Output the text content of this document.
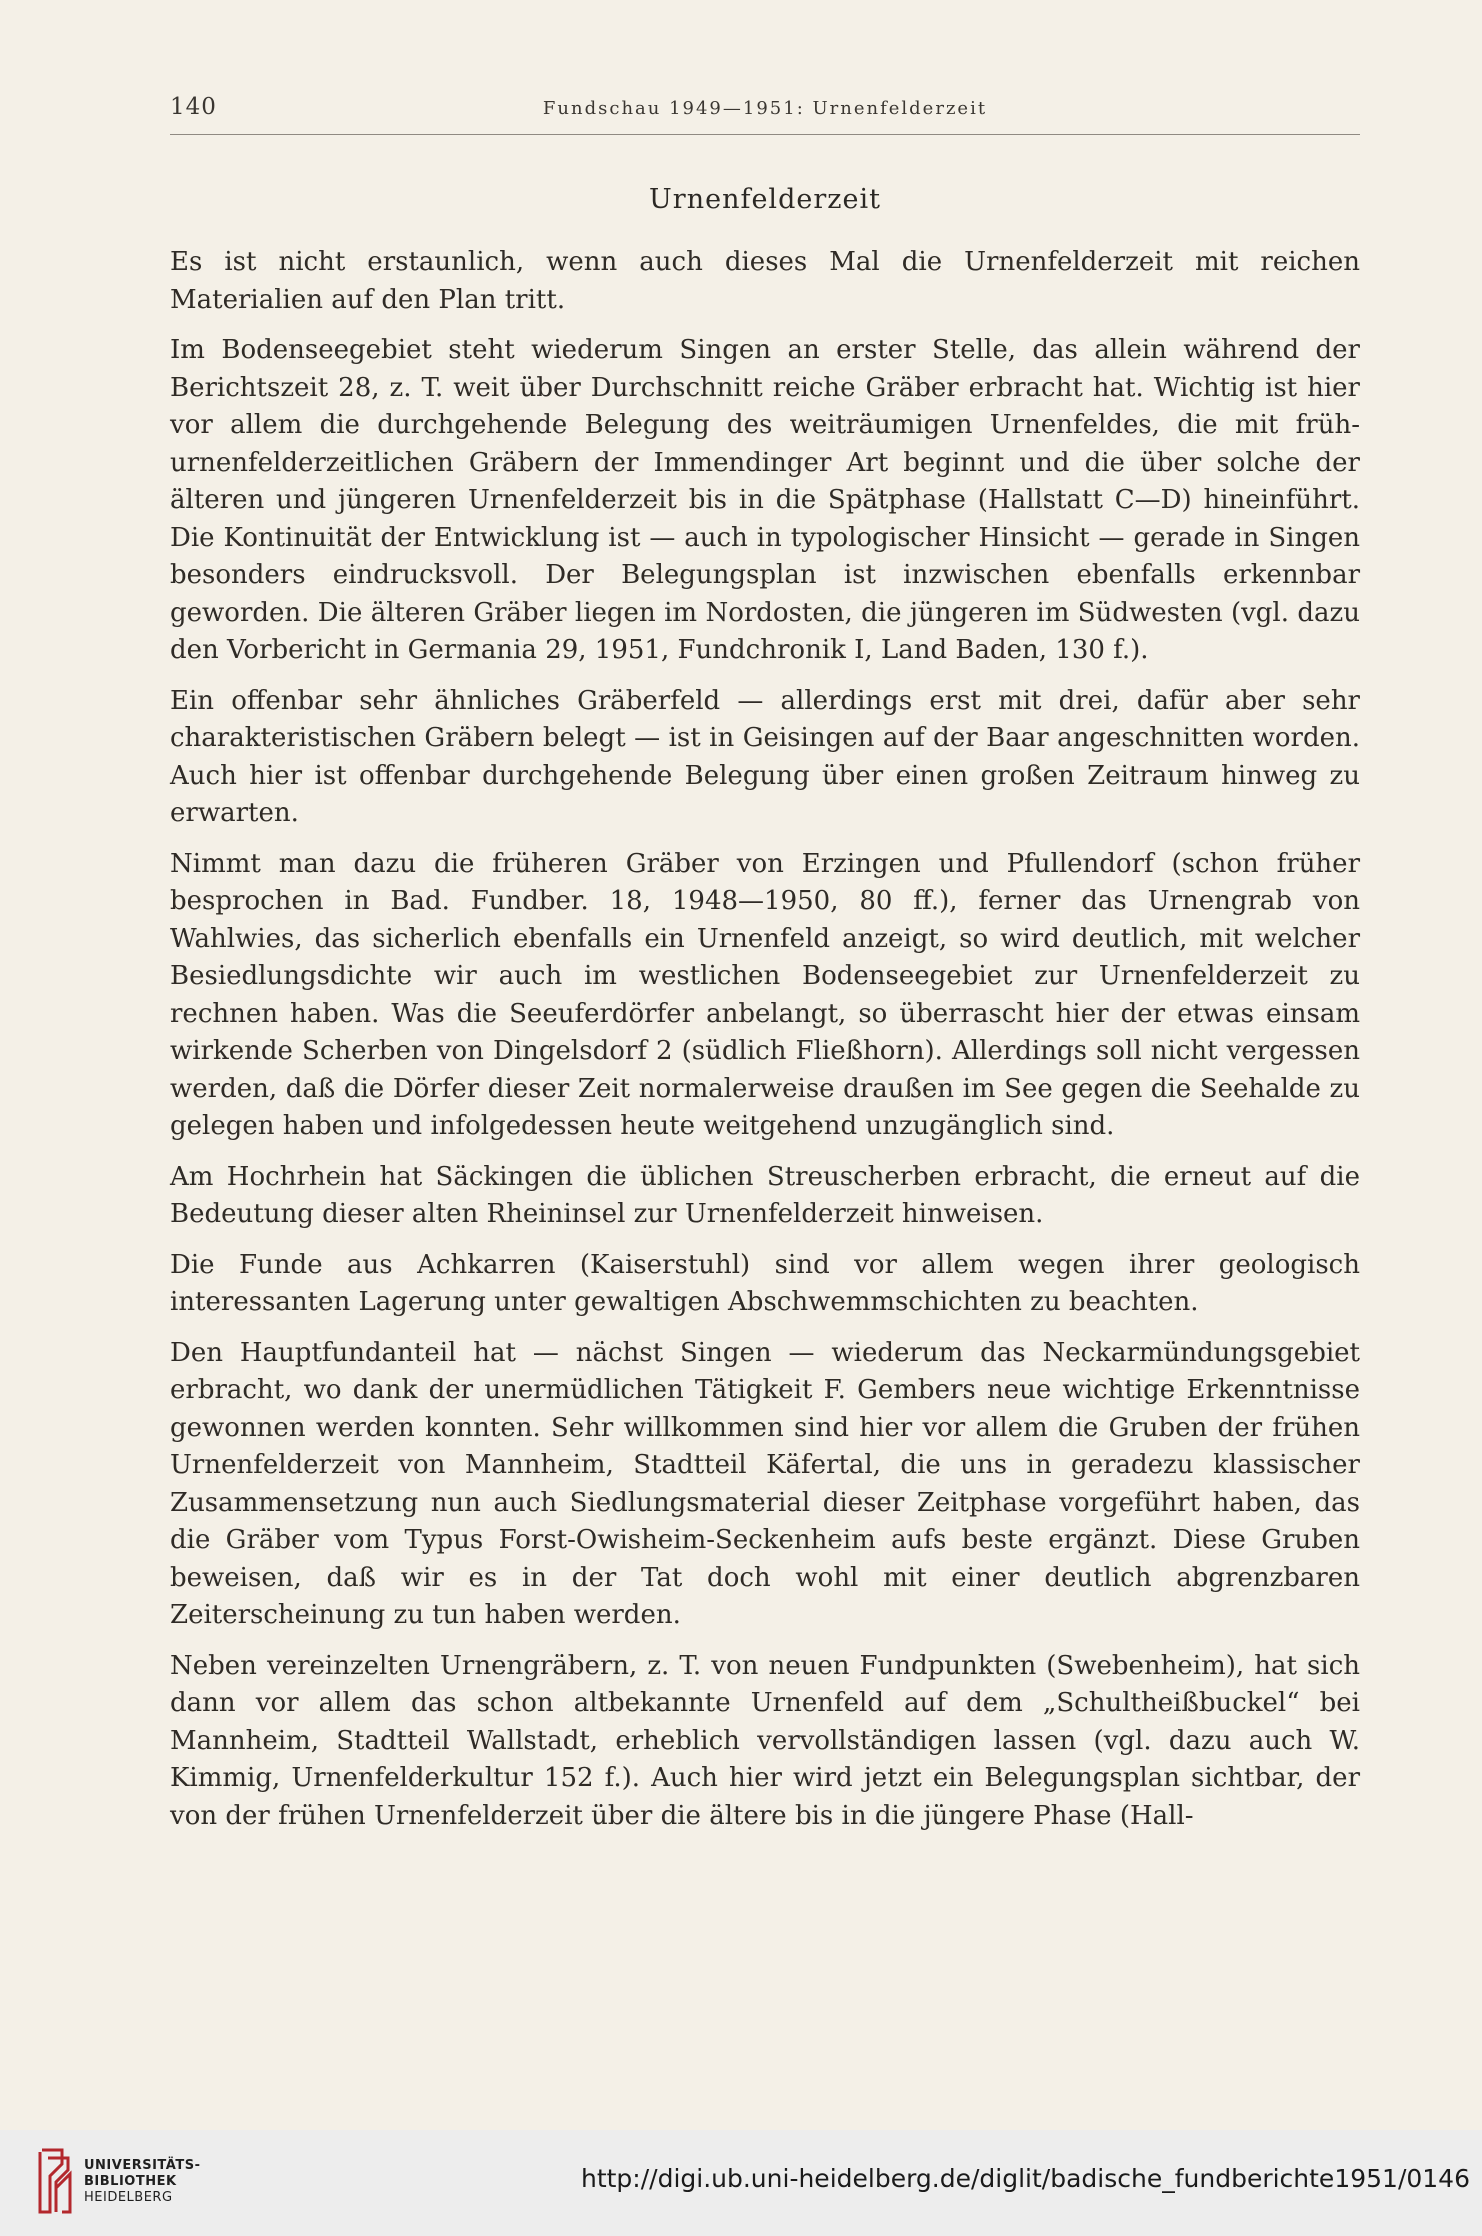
140	Fundschau 1949—1951: Urnenfelderzeit
Urnenfelderzeit

Es ist nicht erstaunlich, wenn auch dieses Mal die Urnenfelderzeit mit reichen Materialien auf den Plan tritt.

Im Bodenseegebiet steht wiederum Singen an erster Stelle, das allein während der Berichtszeit 28, z. T. weit über Durchschnitt reiche Gräber erbracht hat. Wichtig ist hier vor allem die durchgehende Belegung des weiträumigen Urnenfeldes, die mit früh-urnenfelderzeitlichen Gräbern der Immendinger Art beginnt und die über solche der älteren und jüngeren Urnenfelderzeit bis in die Spätphase (Hallstatt C—D) hineinführt. Die Kontinuität der Entwicklung ist — auch in typologischer Hinsicht — gerade in Singen besonders eindrucksvoll. Der Belegungsplan ist inzwischen ebenfalls erkennbar geworden. Die älteren Gräber liegen im Nordosten, die jüngeren im Südwesten (vgl. dazu den Vorbericht in Germania 29, 1951, Fundchronik I, Land Baden, 130 f.).

Ein offenbar sehr ähnliches Gräberfeld — allerdings erst mit drei, dafür aber sehr charakteristischen Gräbern belegt — ist in Geisingen auf der Baar angeschnitten worden. Auch hier ist offenbar durchgehende Belegung über einen großen Zeitraum hinweg zu erwarten.

Nimmt man dazu die früheren Gräber von Erzingen und Pfullendorf (schon früher besprochen in Bad. Fundber. 18, 1948—1950, 80 ff.), ferner das Urnengrab von Wahlwies, das sicherlich ebenfalls ein Urnenfeld anzeigt, so wird deutlich, mit welcher Besiedlungsdichte wir auch im westlichen Bodenseegebiet zur Urnenfelderzeit zu rechnen haben. Was die Seeuferdörfer anbelangt, so überrascht hier der etwas einsam wirkende Scherben von Dingelsdorf 2 (südlich Fließhorn). Allerdings soll nicht vergessen werden, daß die Dörfer dieser Zeit normalerweise draußen im See gegen die Seehalde zu gelegen haben und infolgedessen heute weitgehend unzugänglich sind.

Am Hochrhein hat Säckingen die üblichen Streuscherben erbracht, die erneut auf die Bedeutung dieser alten Rheininsel zur Urnenfelderzeit hinweisen.

Die Funde aus Achkarren (Kaiserstuhl) sind vor allem wegen ihrer geologisch interessanten Lagerung unter gewaltigen Abschwemmschichten zu beachten.

Den Hauptfundanteil hat — nächst Singen — wiederum das Neckarmündungsgebiet erbracht, wo dank der unermüdlichen Tätigkeit F. Gembers neue wichtige Erkenntnisse gewonnen werden konnten. Sehr willkommen sind hier vor allem die Gruben der frühen Urnenfelderzeit von Mannheim, Stadtteil Käfertal, die uns in geradezu klassischer Zusammensetzung nun auch Siedlungsmaterial dieser Zeitphase vorgeführt haben, das die Gräber vom Typus Forst-Owisheim-Seckenheim aufs beste ergänzt. Diese Gruben beweisen, daß wir es in der Tat doch wohl mit einer deutlich abgrenzbaren Zeiterscheinung zu tun haben werden.

Neben vereinzelten Urnengräbern, z. T. von neuen Fundpunkten (Swebenheim), hat sich dann vor allem das schon altbekannte Urnenfeld auf dem „Schultheißbuckel“ bei Mannheim, Stadtteil Wallstadt, erheblich vervollständigen lassen (vgl. dazu auch W. Kimmig, Urnenfelderkultur 152 f.). Auch hier wird jetzt ein Belegungsplan sichtbar, der von der frühen Urnenfelderzeit über die ältere bis in die jüngere Phase (Hall-

UNIVERSITÄTS-
BIBLIOTHEK
HEIDELBERG
http://digi.ub.uni-heidelberg.de/diglit/badische_fundberichte1951/0146
